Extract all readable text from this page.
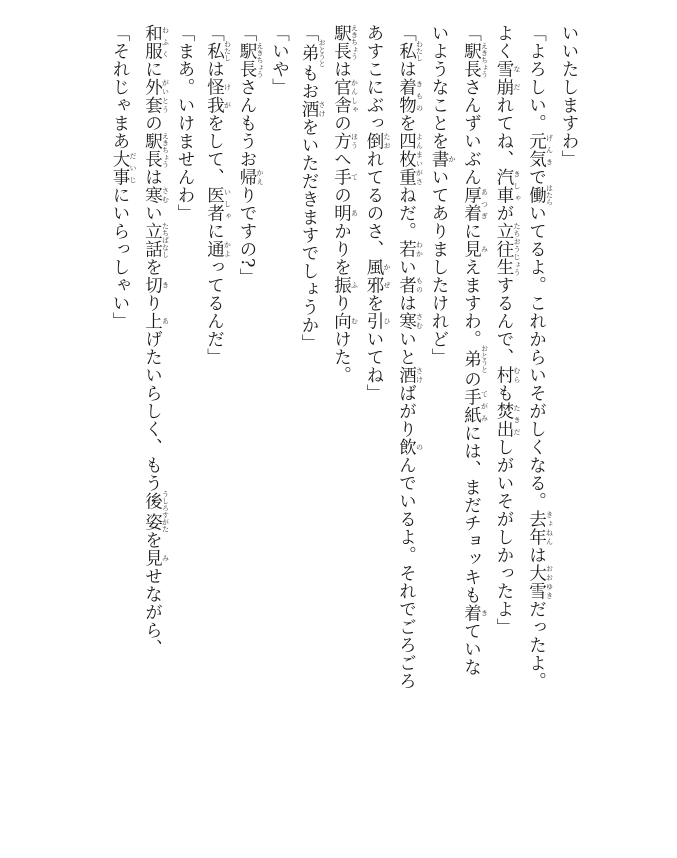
いいたしますわ」

「よろしい。元気 げんきで働 はたらいてるよ。これからいそがしくなる。去年 きょねんは大雪 おおゆきだったよ。

よく雪崩 なだれてね、汽車 きしゃが立往生 たちおうじょうするんで、村 むらも焚出 たきだしがいそがしかったよ」

「駅長 えきちょうさんずいぶん厚着 あつぎに見 みえますわ。弟 おとうとの手紙 てがみには、まだチョッキも着 きていな

いようなことを書 かいてありましたけれど」

「私 わたしは着物 きものを四枚重 よんまいがさねだ。若 わかい者 ものは寒 さむいと酒 さけばがり飲 のんでいるよ。それでごろごろ

あすこにぶっ倒 たおれてるのさ、風邪 かぜを引 ひいてね」

駅長 えきちょうは官舎 かんしゃの方 ほうへ手 ての明 あかりを振 ふり向 むけた。

「弟 おとうともお酒 さけをいただきますでしょうか」

「いや」

「駅長 えきちょうさんもうお帰 かえりですの?」

「私 わたしは怪我 けがをして、医者 いしゃに通 かよってるんだ」

「まあ。いけませんわ」

和服 わふくに外套 がいとうの駅長 えきちょうは寒 さむい立話 たちばなしを切 きり上 あげたいらしく、もう後姿 うしろすがたを見 みせながら、

「それじゃまあ大事 だいじにいらっしゃい」
